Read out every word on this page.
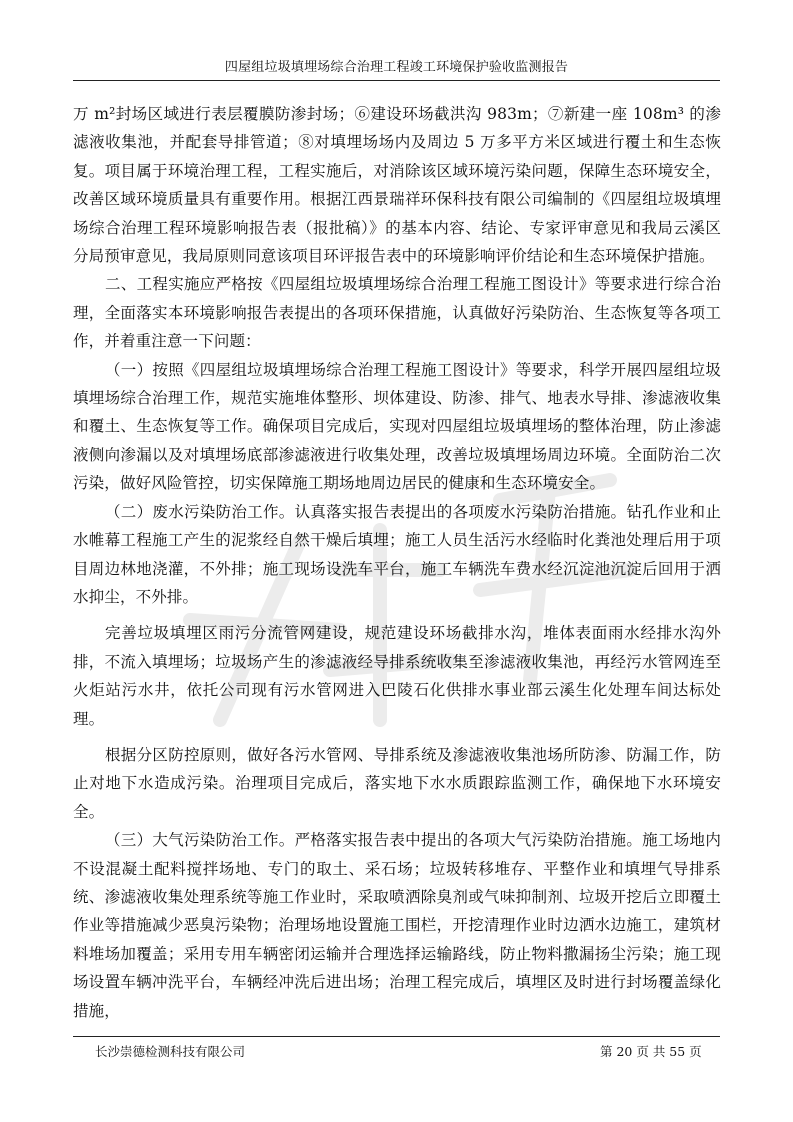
四屋组垃圾填埋场综合治理工程竣工环境保护验收监测报告

万 m²封场区域进行表层覆膜防渗封场；⑥建设环场截洪沟 983m；⑦新建一座 108m³ 的渗滤液收集池，并配套导排管道；⑧对填埋场场内及周边 5 万多平方米区域进行覆土和生态恢复。项目属于环境治理工程，工程实施后，对消除该区域环境污染问题，保障生态环境安全，改善区域环境质量具有重要作用。根据江西景瑞祥环保科技有限公司编制的《四屋组垃圾填埋场综合治理工程环境影响报告表（报批稿）》的基本内容、结论、专家评审意见和我局云溪区分局预审意见，我局原则同意该项目环评报告表中的环境影响评价结论和生态环境保护措施。

二、工程实施应严格按《四屋组垃圾填埋场综合治理工程施工图设计》等要求进行综合治理，全面落实本环境影响报告表提出的各项环保措施，认真做好污染防治、生态恢复等各项工作，并着重注意一下问题：

（一）按照《四屋组垃圾填埋场综合治理工程施工图设计》等要求，科学开展四屋组垃圾填埋场综合治理工作，规范实施堆体整形、坝体建设、防渗、排气、地表水导排、渗滤液收集和覆土、生态恢复等工作。确保项目完成后，实现对四屋组垃圾填埋场的整体治理，防止渗滤液侧向渗漏以及对填埋场底部渗滤液进行收集处理，改善垃圾填埋场周边环境。全面防治二次污染，做好风险管控，切实保障施工期场地周边居民的健康和生态环境安全。

（二）废水污染防治工作。认真落实报告表提出的各项废水污染防治措施。钻孔作业和止水帷幕工程施工产生的泥浆经自然干燥后填埋；施工人员生活污水经临时化粪池处理后用于项目周边林地浇灌，不外排；施工现场设洗车平台，施工车辆洗车费水经沉淀池沉淀后回用于洒水抑尘，不外排。

完善垃圾填埋区雨污分流管网建设，规范建设环场截排水沟，堆体表面雨水经排水沟外排，不流入填埋场；垃圾场产生的渗滤液经导排系统收集至渗滤液收集池，再经污水管网连至火炬站污水井，依托公司现有污水管网进入巴陵石化供排水事业部云溪生化处理车间达标处理。

根据分区防控原则，做好各污水管网、导排系统及渗滤液收集池场所防渗、防漏工作，防止对地下水造成污染。治理项目完成后，落实地下水水质跟踪监测工作，确保地下水环境安全。

（三）大气污染防治工作。严格落实报告表中提出的各项大气污染防治措施。施工场地内不设混凝土配料搅拌场地、专门的取土、采石场；垃圾转移堆存、平整作业和填埋气导排系统、渗滤液收集处理系统等施工作业时，采取喷洒除臭剂或气味抑制剂、垃圾开挖后立即覆土作业等措施减少恶臭污染物；治理场地设置施工围栏，开挖清理作业时边洒水边施工，建筑材料堆场加覆盖；采用专用车辆密闭运输并合理选择运输路线，防止物料撒漏扬尘污染；施工现场设置车辆冲洗平台，车辆经冲洗后进出场；治理工程完成后，填埋区及时进行封场覆盖绿化措施，

长沙崇德检测科技有限公司	第 20 页 共 55 页
